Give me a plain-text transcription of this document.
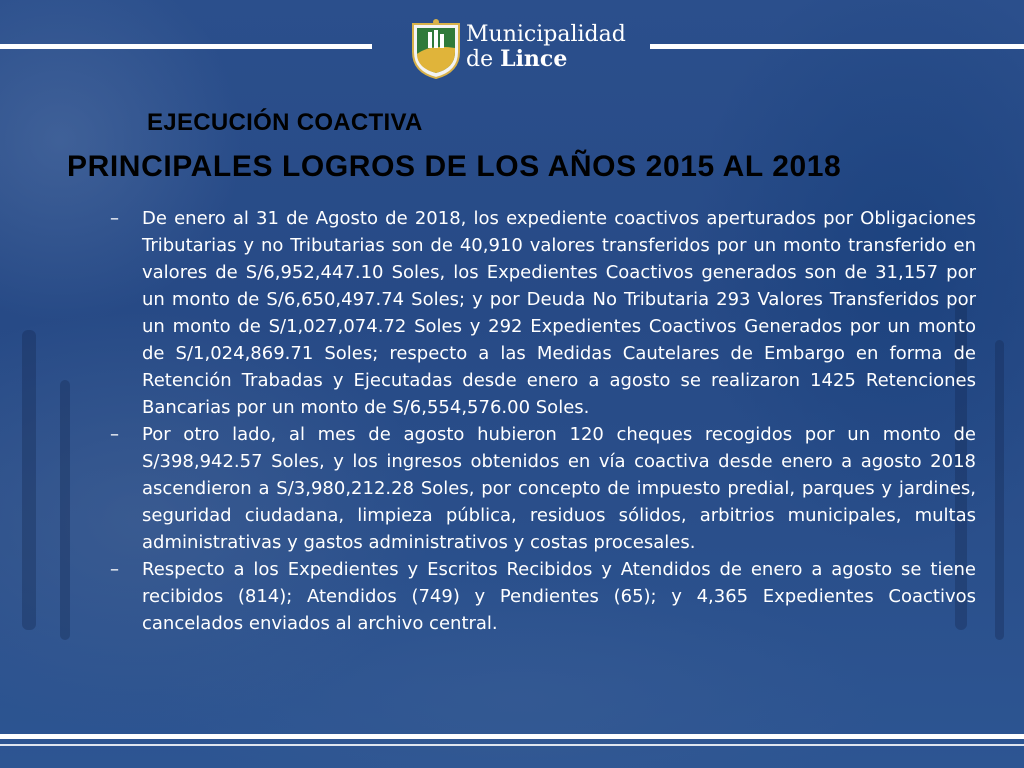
Municipalidad
de Lince
EJECUCIÓN COACTIVA
PRINCIPALES LOGROS DE LOS AÑOS 2015 AL 2018
– De enero al 31 de Agosto de 2018, los expediente coactivos aperturados por Obligaciones Tributarias y no Tributarias son de 40,910 valores transferidos por un monto transferido en valores de S/6,952,447.10 Soles, los Expedientes Coactivos generados son de 31,157 por un monto de S/6,650,497.74 Soles; y por Deuda No Tributaria 293 Valores Transferidos por un monto de S/1,027,074.72 Soles y 292 Expedientes Coactivos Generados por un monto de S/1,024,869.71 Soles; respecto a las Medidas Cautelares de Embargo en forma de Retención Trabadas y Ejecutadas desde enero a agosto se realizaron 1425 Retenciones Bancarias por un monto de S/6,554,576.00 Soles.

– Por otro lado, al mes de agosto hubieron 120 cheques recogidos por un monto de S/398,942.57 Soles, y los ingresos obtenidos en vía coactiva desde enero a agosto 2018 ascendieron a S/3,980,212.28 Soles, por concepto de impuesto predial, parques y jardines, seguridad ciudadana, limpieza pública, residuos sólidos, arbitrios municipales, multas administrativas y gastos administrativos y costas procesales.

– Respecto a los Expedientes y Escritos Recibidos y Atendidos de enero a agosto se tiene recibidos (814); Atendidos (749) y Pendientes (65); y 4,365 Expedientes Coactivos cancelados enviados al archivo central.
